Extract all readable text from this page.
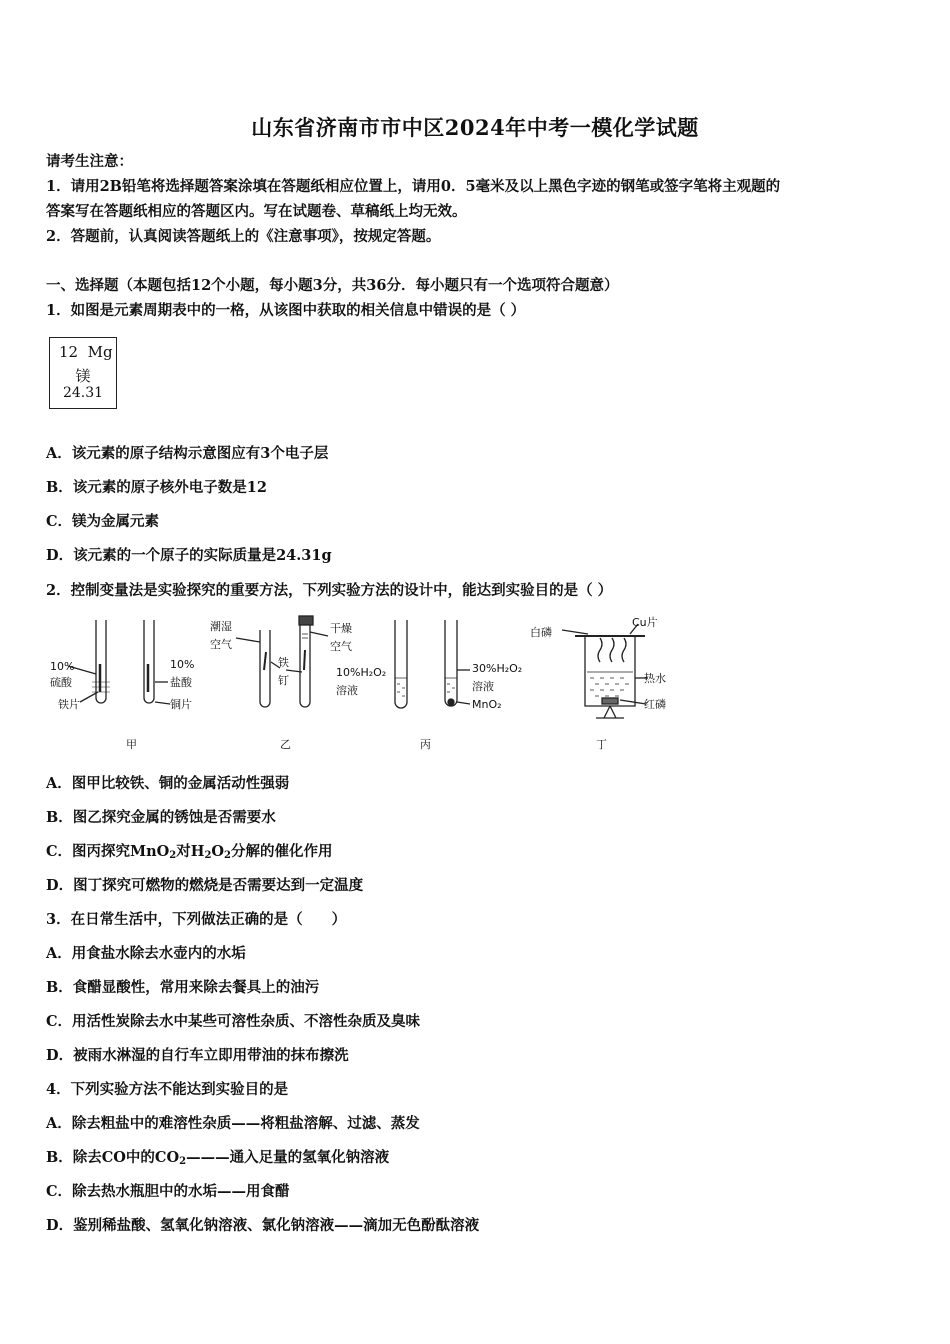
山东省济南市市中区2024年中考一模化学试题
请考生注意：
1．请用2B铅笔将选择题答案涂填在答题纸相应位置上，请用0．5毫米及以上黑色字迹的钢笔或签字笔将主观题的
答案写在答题纸相应的答题区内。写在试题卷、草稿纸上均无效。
2．答题前，认真阅读答题纸上的《注意事项》，按规定答题。
一、选择题（本题包括12个小题，每小题3分，共36分．每小题只有一个选项符合题意）
1．如图是元素周期表中的一格，从该图中获取的相关信息中错误的是（ ）
12 Mg
镁
24.31
A．该元素的原子结构示意图应有3个电子层
B．该元素的原子核外电子数是12
C．镁为金属元素
D．该元素的一个原子的实际质量是24.31g
2．控制变量法是实验探究的重要方法，下列实验方法的设计中，能达到实验目的是（ ）
10%
硫酸
铁片
10%
盐酸
铜片
潮湿
空气
铁
钉
干燥
空气
10%H₂O₂
溶液
30%H₂O₂
溶液
MnO₂
白磷
Cu片
热水
红磷
甲	乙	丙	丁
A．图甲比较铁、铜的金属活动性强弱
B．图乙探究金属的锈蚀是否需要水
C．图丙探究MnO$_2$对$H_2O_2$分解的催化作用
D．图丁探究可燃物的燃烧是否需要达到一定温度
3．在日常生活中，下列做法正确的是（　　）
A．用食盐水除去水壶内的水垢
B．食醋显酸性，常用来除去餐具上的油污
C．用活性炭除去水中某些可溶性杂质、不溶性杂质及臭味
D．被雨水淋湿的自行车立即用带油的抹布擦洗
4．下列实验方法不能达到实验目的是
A．除去粗盐中的难溶性杂质——将粗盐溶解、过滤、蒸发
B．除去CO中的$CO_2———$通入足量的氢氧化钠溶液
C．除去热水瓶胆中的水垢——用食醋
D．鉴别稀盐酸、氢氧化钠溶液、氯化钠溶液——滴加无色酚酞溶液
